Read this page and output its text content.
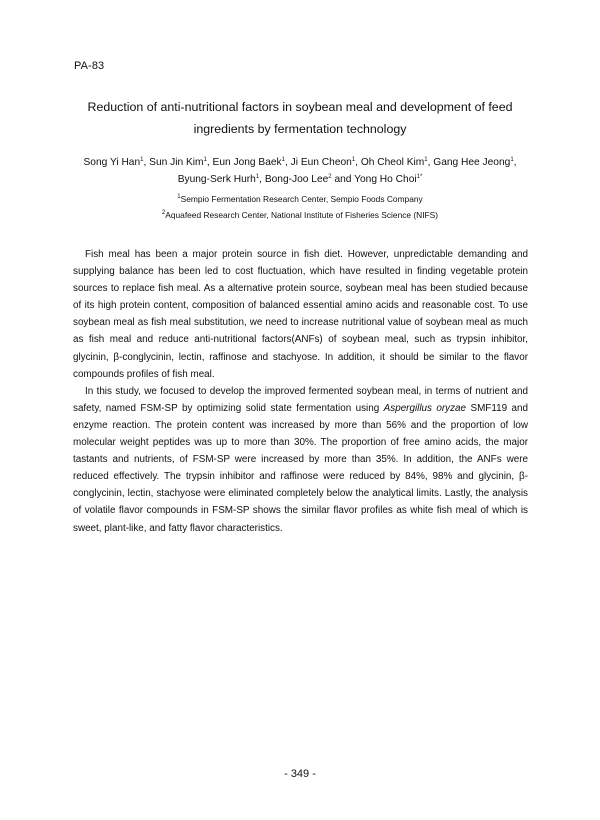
PA-83
Reduction of anti-nutritional factors in soybean meal and development of feed
ingredients by fermentation technology
Song Yi Han$^1$, Sun Jin Kim$^1$, Eun Jong Baek$^1$, Ji Eun Cheon$^1$, Oh Cheol Kim$^1$, Gang Hee Jeong$^1$,
Byung-Serk Hurh$^1$, Bong-Joo Lee$^2$ and Yong Ho Choi$^{1*}$
$^1$Sempio Fermentation Research Center, Sempio Foods Company
$^2$Aquafeed Research Center, National Institute of Fisheries Science (NIFS)

Fish meal has been a major protein source in fish diet. However, unpredictable demanding and supplying balance has been led to cost fluctuation, which have resulted in finding vegetable protein sources to replace fish meal. As a alternative protein source, soybean meal has been studied because of its high protein content, composition of balanced essential amino acids and reasonable cost. To use soybean meal as fish meal substitution, we need to increase nutritional value of soybean meal as much as fish meal and reduce anti-nutritional factors(ANFs) of soybean meal, such as trypsin inhibitor, glycinin, β-conglycinin, lectin, raffinose and stachyose. In addition, it should be similar to the flavor compounds profiles of fish meal.

In this study, we focused to develop the improved fermented soybean meal, in terms of nutrient and safety, named FSM-SP by optimizing solid state fermentation using Aspergillus oryzae SMF119 and enzyme reaction. The protein content was increased by more than 56% and the proportion of low molecular weight peptides was up to more than 30%. The proportion of free amino acids, the major tastants and nutrients, of FSM-SP were increased by more than 35%. In addition, the ANFs were reduced effectively. The trypsin inhibitor and raffinose were reduced by 84%, 98% and glycinin, β-conglycinin, lectin, stachyose were eliminated completely below the analytical limits. Lastly, the analysis of volatile flavor compounds in FSM-SP shows the similar flavor profiles as white fish meal of which is sweet, plant-like, and fatty flavor characteristics.

- 349 -
